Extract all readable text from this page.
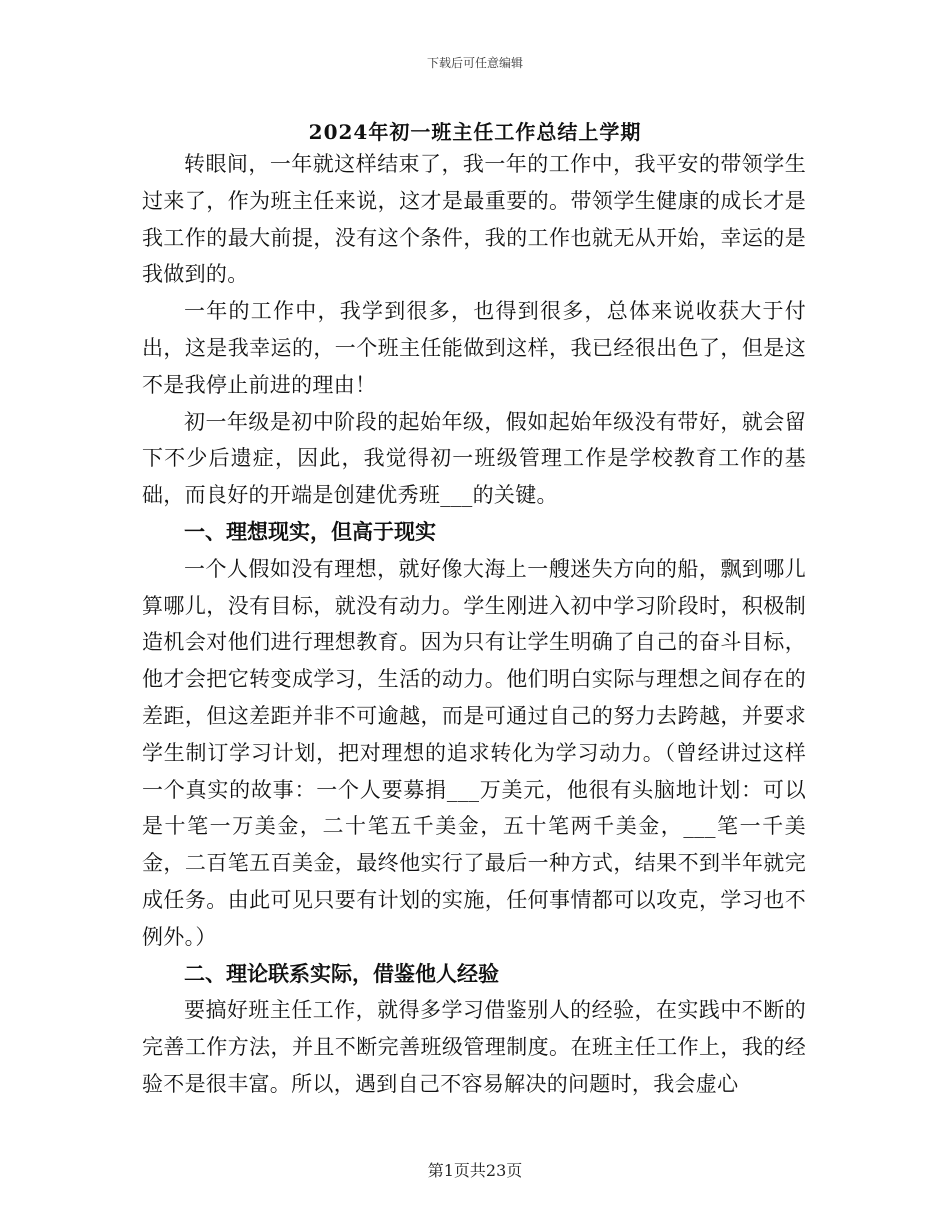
下载后可任意编辑
2024年初一班主任工作总结上学期

转眼间，一年就这样结束了，我一年的工作中，我平安的带领学生过来了，作为班主任来说，这才是最重要的。带领学生健康的成长才是我工作的最大前提，没有这个条件，我的工作也就无从开始，幸运的是我做到的。

一年的工作中，我学到很多，也得到很多，总体来说收获大于付出，这是我幸运的，一个班主任能做到这样，我已经很出色了，但是这不是我停止前进的理由！

初一年级是初中阶段的起始年级，假如起始年级没有带好，就会留下不少后遗症，因此，我觉得初一班级管理工作是学校教育工作的基础，而良好的开端是创建优秀班___的关键。

一、理想现实，但高于现实

一个人假如没有理想，就好像大海上一艘迷失方向的船，飘到哪儿算哪儿，没有目标，就没有动力。学生刚进入初中学习阶段时，积极制造机会对他们进行理想教育。因为只有让学生明确了自己的奋斗目标，他才会把它转变成学习，生活的动力。他们明白实际与理想之间存在的差距，但这差距并非不可逾越，而是可通过自己的努力去跨越，并要求学生制订学习计划，把对理想的追求转化为学习动力。（曾经讲过这样一个真实的故事：一个人要募捐___万美元，他很有头脑地计划：可以是十笔一万美金，二十笔五千美金，五十笔两千美金，___笔一千美金，二百笔五百美金，最终他实行了最后一种方式，结果不到半年就完成任务。由此可见只要有计划的实施，任何事情都可以攻克，学习也不例外。）

二、理论联系实际，借鉴他人经验

要搞好班主任工作，就得多学习借鉴别人的经验，在实践中不断的完善工作方法，并且不断完善班级管理制度。在班主任工作上，我的经验不是很丰富。所以，遇到自己不容易解决的问题时，我会虚心

第1页共23页
